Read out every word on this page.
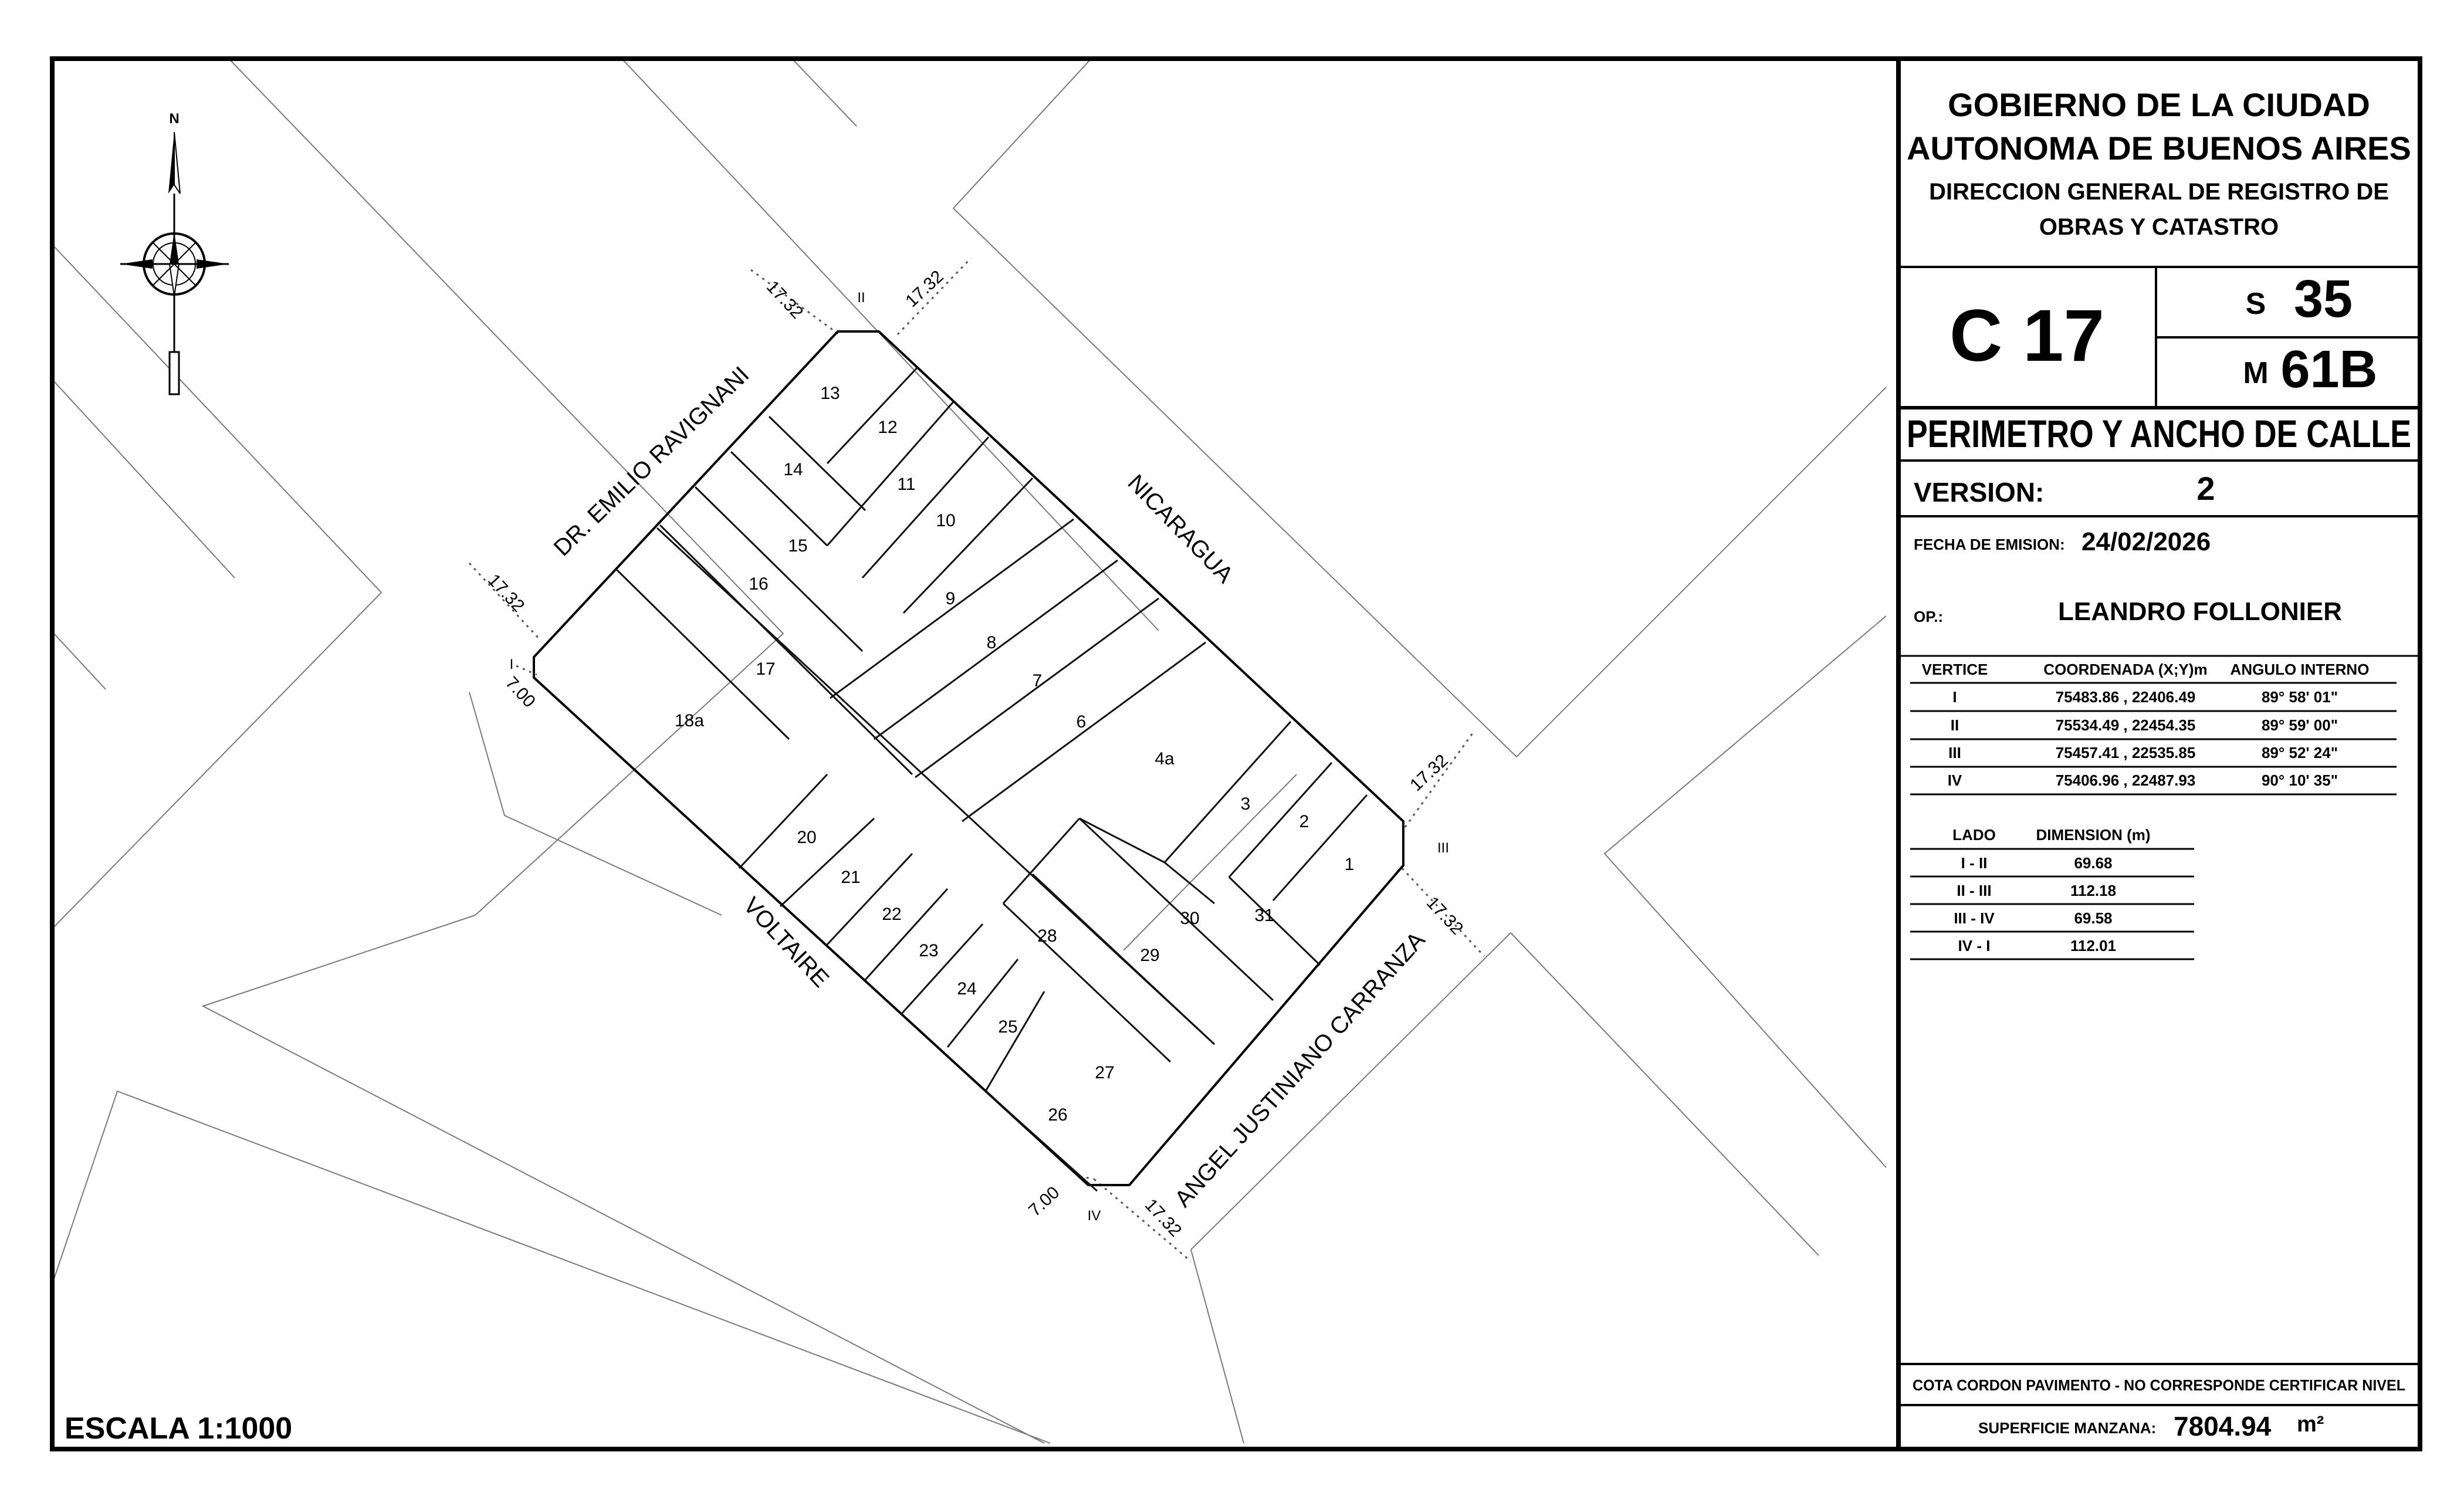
13
12
14
11
10
15
16
9
8
17
7
18a	6
4a
3
2
1
20
21
22
23
24
25
26
27
28
29
30	31
DR. EMILIO RAVIGNANI	NICARAGUA
VOLTAIRE	ANGEL JUSTINIANO CARRANZA
I
II
III
IV
17.32	17.32
17.32
17.32
17.32
17.32
7.00
7.00
N
ESCALA 1:1000
GOBIERNO DE LA CIUDAD
AUTONOMA DE BUENOS AIRES
DIRECCION GENERAL DE REGISTRO DE
OBRAS Y CATASTRO
C 17	S 35
M 61B
PERIMETRO Y ANCHO DE CALLE
VERSION:	2
FECHA DE EMISION: 24/02/2026
OP.:	LEANDRO FOLLONIER
VERTICE	COORDENADA (X;Y)m ANGULO INTERNO
I	75483.86 , 22406.49	89° 58' 01"
II	75534.49 , 22454.35	89° 59' 00"
III	75457.41 , 22535.85	89° 52' 24"
IV	75406.96 , 22487.93	90° 10' 35"
LADO	DIMENSION (m)
I - II	69.68
II - III	112.18
III - IV	69.58
IV - I	112.01
COTA CORDON PAVIMENTO - NO CORRESPONDE CERTIFICAR NIVEL
SUPERFICIE MANZANA: 7804.94 m²
